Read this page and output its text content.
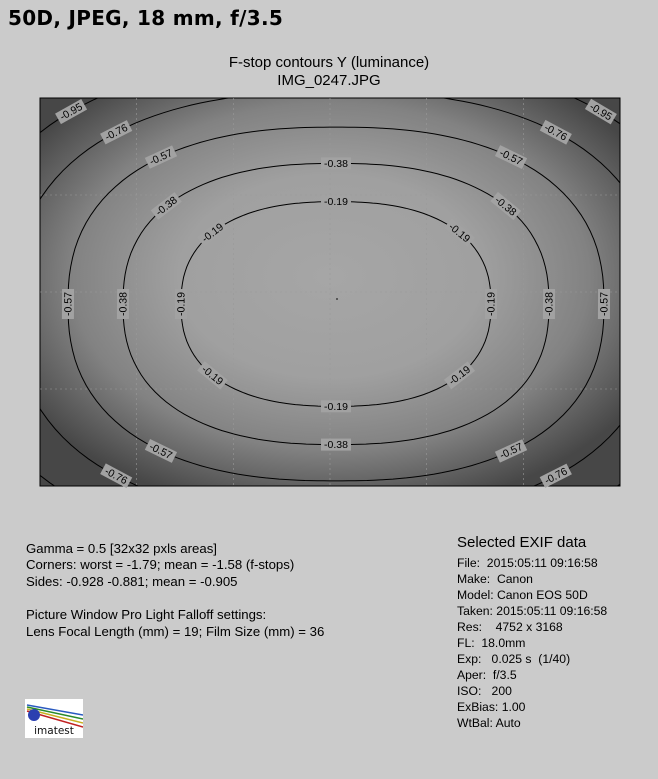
50D, JPEG, 18 mm, f/3.5
F-stop contours Y (luminance)
IMG_0247.JPG
-0.19
-0.19
-0.19
-0.19
-0.19
-0.19
-0.19	-0.19
-0.38
-0.38
-0.38
-0.38
-0.38	-0.38
-0.57
-0.57
-0.57	-0.57
-0.57
-0.57
-0.76
-0.76
-0.76	-0.76
-0.95
-0.95
Gamma = 0.5 [32x32 pxls areas]
Corners: worst = -1.79; mean = -1.58 (f-stops)
Sides: -0.928 -0.881; mean = -0.905
Picture Window Pro Light Falloff settings:
Lens Focal Length (mm) = 19; Film Size (mm) = 36
Selected EXIF data
File:  2015:05:11 09:16:58
Make:  Canon
Model: Canon EOS 50D
Taken: 2015:05:11 09:16:58
Res:    4752 x 3168
FL:  18.0mm
Exp:   0.025 s  (1/40)
Aper:  f/3.5
ISO:   200
ExBias: 1.00
WtBal: Auto
imatest
